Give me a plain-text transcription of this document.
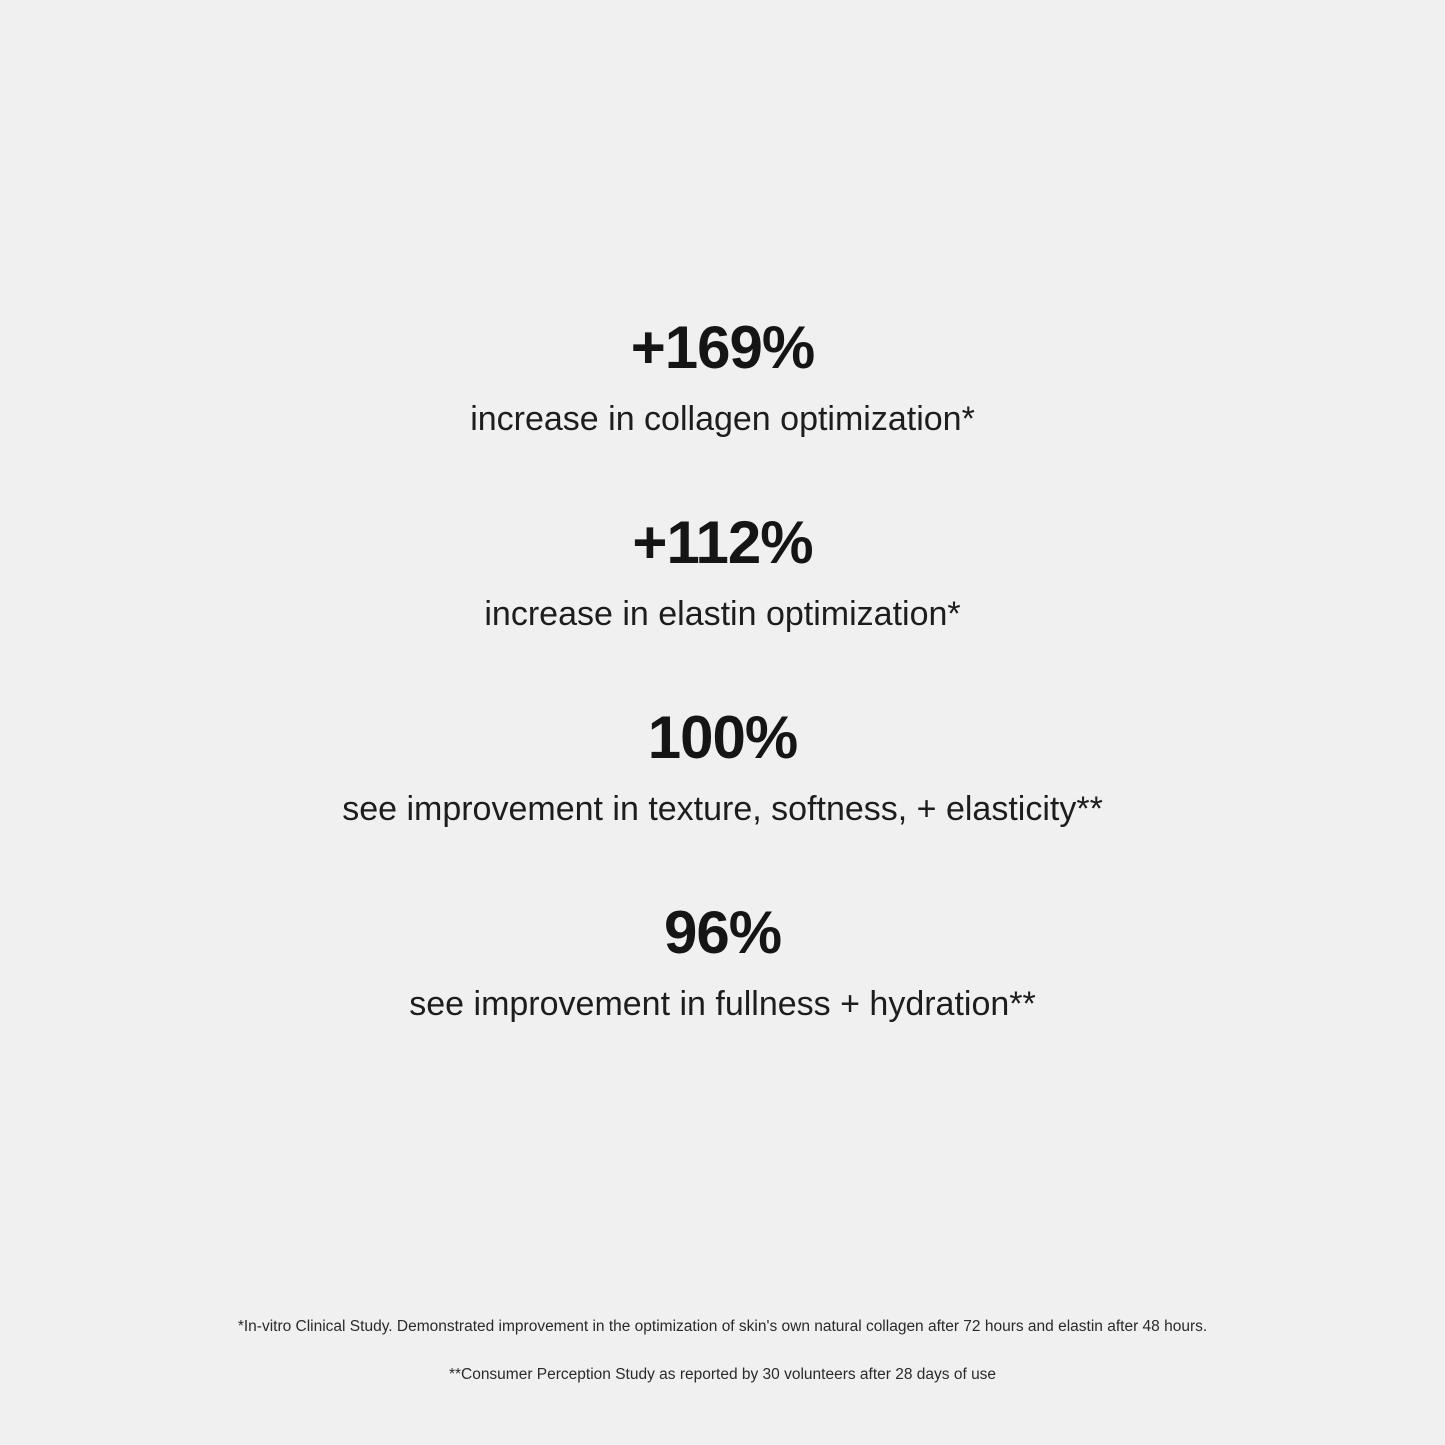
+169%
increase in collagen optimization*
+112%
increase in elastin optimization*
100%
see improvement in texture, softness, + elasticity**
96%
see improvement in fullness + hydration**

*In-vitro Clinical Study. Demonstrated improvement in the optimization of skin's own natural collagen after 72 hours and elastin after 48 hours.

**Consumer Perception Study as reported by 30 volunteers after 28 days of use
